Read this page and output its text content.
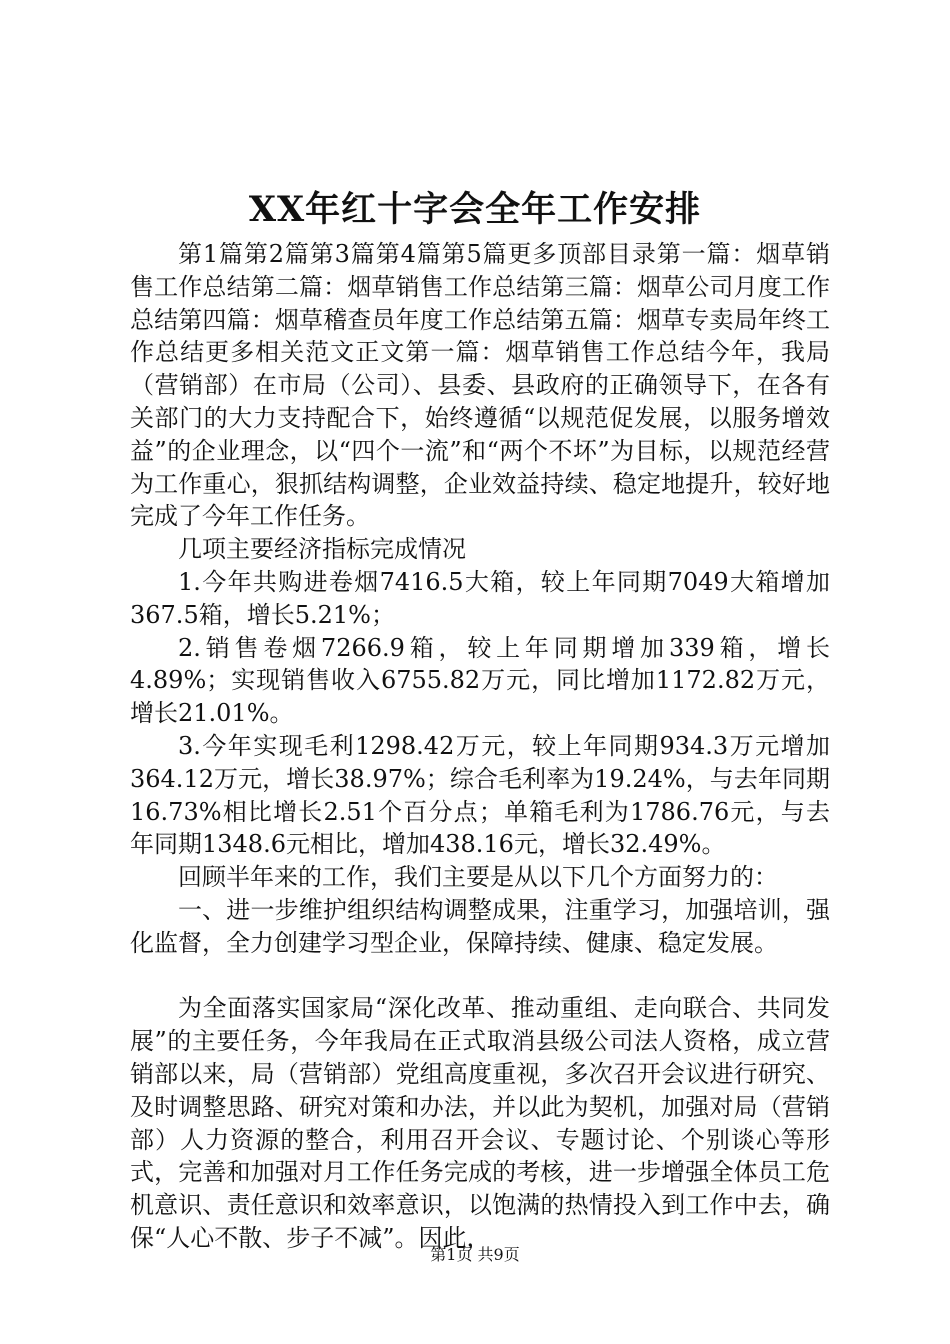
XX年红十字会全年工作安排

第1篇第2篇第3篇第4篇第5篇更多顶部目录第一篇：烟草销售工作总结第二篇：烟草销售工作总结第三篇：烟草公司月度工作总结第四篇：烟草稽查员年度工作总结第五篇：烟草专卖局年终工作总结更多相关范文正文第一篇：烟草销售工作总结今年，我局（营销部）在市局（公司）、县委、县政府的正确领导下，在各有关部门的大力支持配合下，始终遵循“以规范促发展，以服务增效益”的企业理念，以“四个一流”和“两个不坏”为目标，以规范经营为工作重心，狠抓结构调整，企业效益持续、稳定地提升，较好地完成了今年工作任务。

几项主要经济指标完成情况

1.今年共购进卷烟7416.5大箱，较上年同期7049大箱增加367.5箱，增长5.21%；

2.销售卷烟7266.9箱，较上年同期增加339箱，增长4.89%；实现销售收入6755.82万元，同比增加1172.82万元，增长21.01%。

3.今年实现毛利1298.42万元，较上年同期934.3万元增加364.12万元，增长38.97%；综合毛利率为19.24%，与去年同期16.73%相比增长2.51个百分点；单箱毛利为1786.76元，与去年同期1348.6元相比，增加438.16元，增长32.49%。

回顾半年来的工作，我们主要是从以下几个方面努力的：

一、进一步维护组织结构调整成果，注重学习，加强培训，强化监督，全力创建学习型企业，保障持续、健康、稳定发展。

为全面落实国家局“深化改革、推动重组、走向联合、共同发展”的主要任务，今年我局在正式取消县级公司法人资格，成立营销部以来，局（营销部）党组高度重视，多次召开会议进行研究、及时调整思路、研究对策和办法，并以此为契机，加强对局（营销部）人力资源的整合，利用召开会议、专题讨论、个别谈心等形式，完善和加强对月工作任务完成的考核，进一步增强全体员工危机意识、责任意识和效率意识，以饱满的热情投入到工作中去，确保“人心不散、步子不减”。因此，

第1页 共9页
